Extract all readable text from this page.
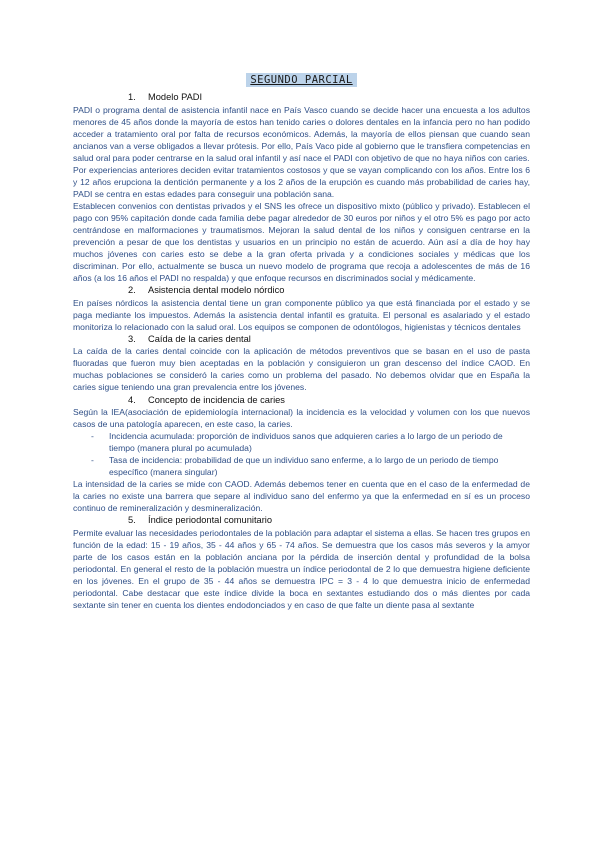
SEGUNDO PARCIAL
1.	Modelo PADI

PADI o programa dental de asistencia infantil nace en País Vasco cuando se decide hacer una encuesta a los adultos menores de 45 años donde la mayoría de estos han tenido caries o dolores dentales en la infancia pero no han podido acceder a tratamiento oral por falta de recursos económicos. Además, la mayoría de ellos piensan que cuando sean ancianos van a verse obligados a llevar prótesis. Por ello, País Vaco pide al gobierno que le transfiera competencias en salud oral para poder centrarse en la salud oral infantil y así nace el PADI con objetivo de que no haya niños con caries.

Por experiencias anteriores deciden evitar tratamientos costosos y que se vayan complicando con los años. Entre los 6 y 12 años erupciona la dentición permanente y a los 2 años de la erupción es cuando más probabilidad de caries hay, PADI se centra en estas edades para conseguir una población sana.

Establecen convenios con dentistas privados y el SNS les ofrece un dispositivo mixto (público y privado). Establecen el pago con 95% capitación donde cada familia debe pagar alrededor de 30 euros por niños y el otro 5% es pago por acto centrándose en malformaciones y traumatismos. Mejoran la salud dental de los niños y consiguen centrarse en la prevención a pesar de que los dentistas y usuarios en un principio no están de acuerdo. Aún así a día de hoy hay muchos jóvenes con caries esto se debe a la gran oferta privada y a condiciones sociales y médicas que los discriminan. Por ello, actualmente se busca un nuevo modelo de programa que recoja a adolescentes de más de 16 años (a los 16 años el PADI no respalda) y que enfoque recursos en discriminados social y médicamente.

2.	Asistencia dental modelo nórdico

En países nórdicos la asistencia dental tiene un gran componente público ya que está financiada por el estado y se paga mediante los impuestos. Además la asistencia dental infantil es gratuita. El personal es asalariado y el estado monitoriza lo relacionado con la salud oral. Los equipos se componen de odontólogos, higienistas y técnicos dentales

3.	Caída de la caries dental

La caída de la caries dental coincide con la aplicación de métodos preventivos que se basan en el uso de pasta fluoradas que fueron muy bien aceptadas en la población y consiguieron un gran descenso del índice CAOD. En muchas poblaciones se consideró la caries como un problema del pasado. No debemos olvidar que en España la caries sigue teniendo una gran prevalencia entre los jóvenes.

4.	Concepto de incidencia de caries

Según la IEA(asociación de epidemiología internacional) la incidencia es la velocidad y volumen con los que nuevos casos de una patología aparecen, en este caso, la caries.

- Incidencia acumulada: proporción de individuos sanos que adquieren caries a lo largo de un periodo de tiempo (manera plural po acumulada)
- Tasa de incidencia: probabilidad de que un individuo sano enferme, a lo largo de un periodo de tiempo específico (manera singular)

La intensidad de la caries se mide con CAOD. Además debemos tener en cuenta que en el caso de la enfermedad de la caries no existe una barrera que separe al individuo sano del enfermo ya que la enfermedad en sí es un proceso continuo de remineralización y desmineralización.

5.	Índice periodontal comunitario

Permite evaluar las necesidades periodontales de la población para adaptar el sistema a ellas. Se hacen tres grupos en función de la edad: 15 - 19 años, 35 - 44 años y 65 - 74 años. Se demuestra que los casos más severos y la amyor parte de los casos están en la población anciana por la pérdida de inserción dental y profundidad de la bolsa periodontal. En general el resto de la población muestra un índice periodontal de 2 lo que demuestra higiene deficiente en los jóvenes. En el grupo de 35 - 44 años se demuestra IPC = 3 - 4 lo que demuestra inicio de enfermedad periodontal. Cabe destacar que este índice divide la boca en sextantes estudiando dos o más dientes por cada sextante sin tener en cuenta los dientes endodonciados y en caso de que falte un diente pasa al sextante
